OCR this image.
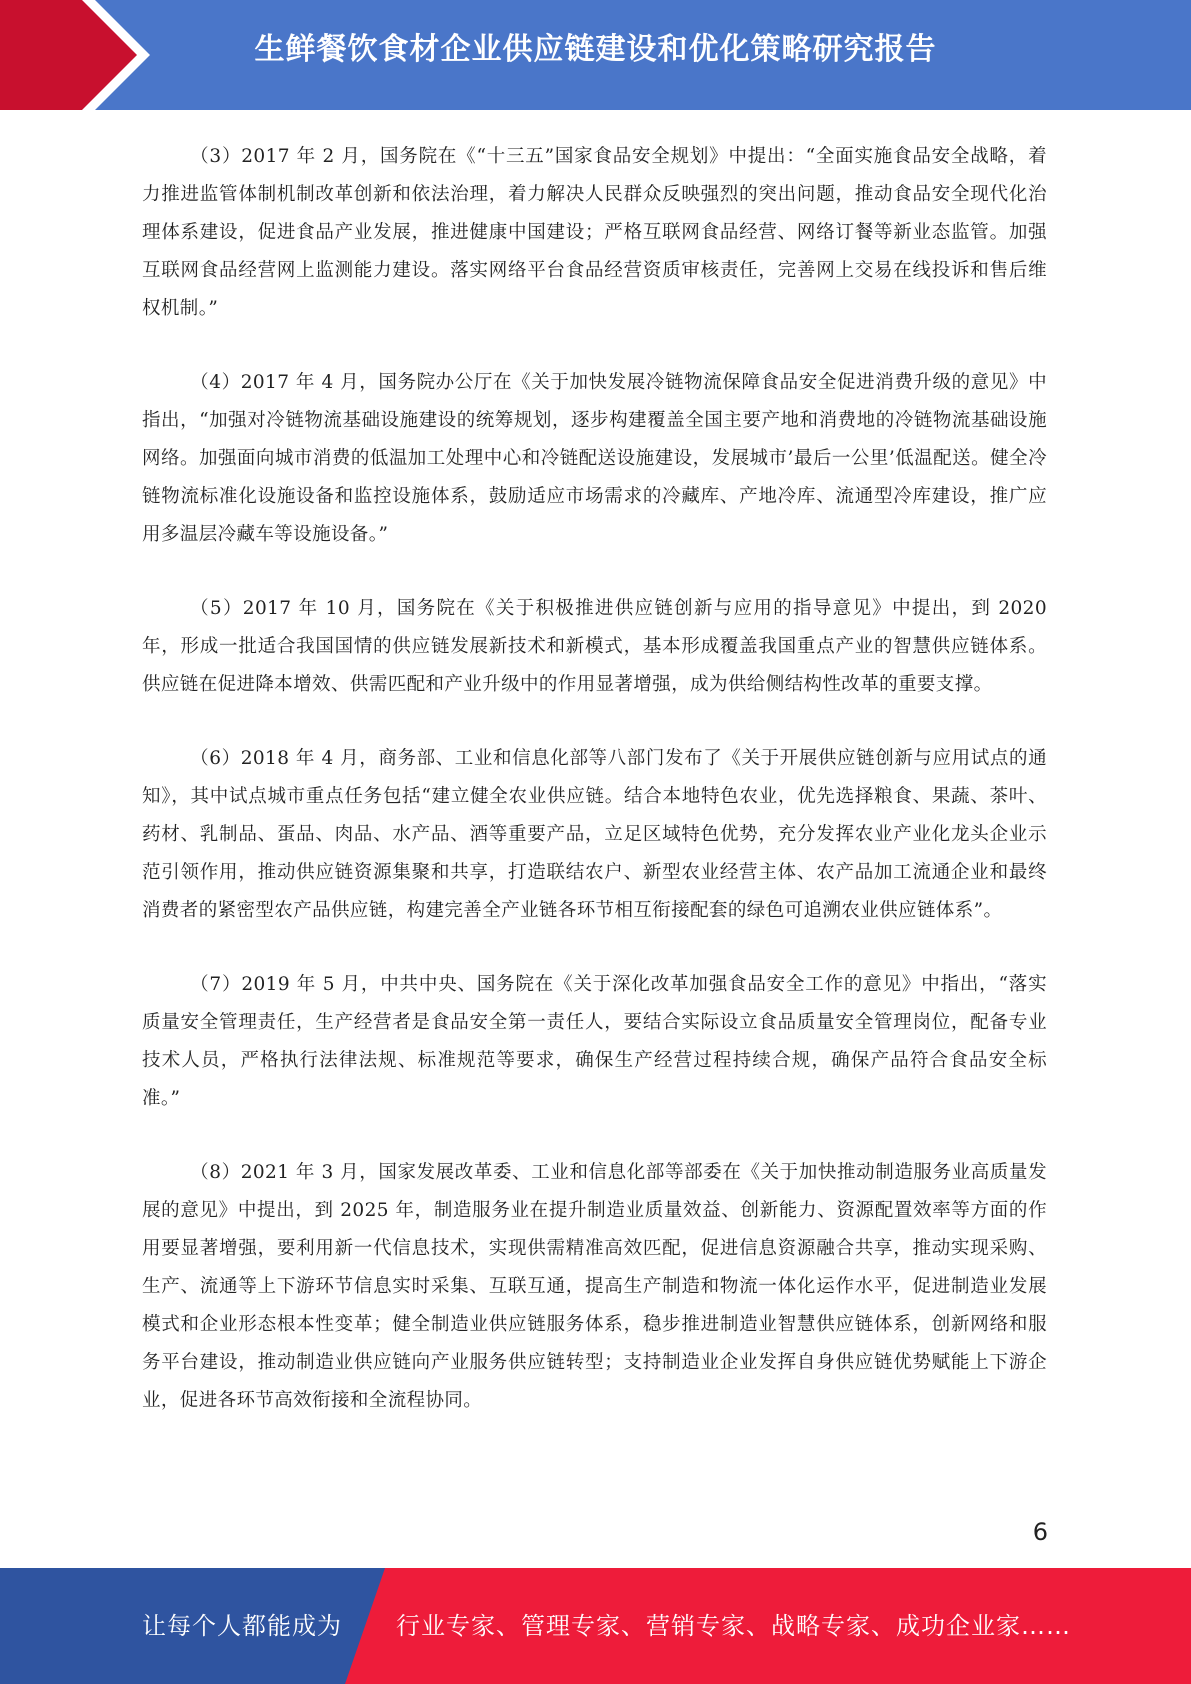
生鲜餐饮食材企业供应链建设和优化策略研究报告

（3）2017 年 2 月，国务院在《“十三五”国家食品安全规划》中提出：“全面实施食品安全战略，着力推进监管体制机制改革创新和依法治理，着力解决人民群众反映强烈的突出问题，推动食品安全现代化治理体系建设，促进食品产业发展，推进健康中国建设；严格互联网食品经营、网络订餐等新业态监管。加强互联网食品经营网上监测能力建设。落实网络平台食品经营资质审核责任，完善网上交易在线投诉和售后维权机制。”

（4）2017 年 4 月，国务院办公厅在《关于加快发展冷链物流保障食品安全促进消费升级的意见》中指出，“加强对冷链物流基础设施建设的统筹规划，逐步构建覆盖全国主要产地和消费地的冷链物流基础设施网络。加强面向城市消费的低温加工处理中心和冷链配送设施建设，发展城市’最后一公里’低温配送。健全冷链物流标准化设施设备和监控设施体系，鼓励适应市场需求的冷藏库、产地冷库、流通型冷库建设，推广应用多温层冷藏车等设施设备。”

（5）2017 年 10 月，国务院在《关于积极推进供应链创新与应用的指导意见》中提出，到 2020 年，形成一批适合我国国情的供应链发展新技术和新模式，基本形成覆盖我国重点产业的智慧供应链体系。供应链在促进降本增效、供需匹配和产业升级中的作用显著增强，成为供给侧结构性改革的重要支撑。

（6）2018 年 4 月，商务部、工业和信息化部等八部门发布了《关于开展供应链创新与应用试点的通知》，其中试点城市重点任务包括“建立健全农业供应链。结合本地特色农业，优先选择粮食、果蔬、茶叶、药材、乳制品、蛋品、肉品、水产品、酒等重要产品，立足区域特色优势，充分发挥农业产业化龙头企业示范引领作用，推动供应链资源集聚和共享，打造联结农户、新型农业经营主体、农产品加工流通企业和最终消费者的紧密型农产品供应链，构建完善全产业链各环节相互衔接配套的绿色可追溯农业供应链体系”。

（7）2019 年 5 月，中共中央、国务院在《关于深化改革加强食品安全工作的意见》中指出，“落实质量安全管理责任，生产经营者是食品安全第一责任人，要结合实际设立食品质量安全管理岗位，配备专业技术人员，严格执行法律法规、标准规范等要求，确保生产经营过程持续合规，确保产品符合食品安全标准。”

（8）2021 年 3 月，国家发展改革委、工业和信息化部等部委在《关于加快推动制造服务业高质量发展的意见》中提出，到 2025 年，制造服务业在提升制造业质量效益、创新能力、资源配置效率等方面的作用要显著增强，要利用新一代信息技术，实现供需精准高效匹配，促进信息资源融合共享，推动实现采购、生产、流通等上下游环节信息实时采集、互联互通，提高生产制造和物流一体化运作水平，促进制造业发展模式和企业形态根本性变革；健全制造业供应链服务体系，稳步推进制造业智慧供应链体系，创新网络和服务平台建设，推动制造业供应链向产业服务供应链转型；支持制造业企业发挥自身供应链优势赋能上下游企业，促进各环节高效衔接和全流程协同。

6
让每个人都能成为 行业专家、管理专家、营销专家、战略专家、成功企业家……
